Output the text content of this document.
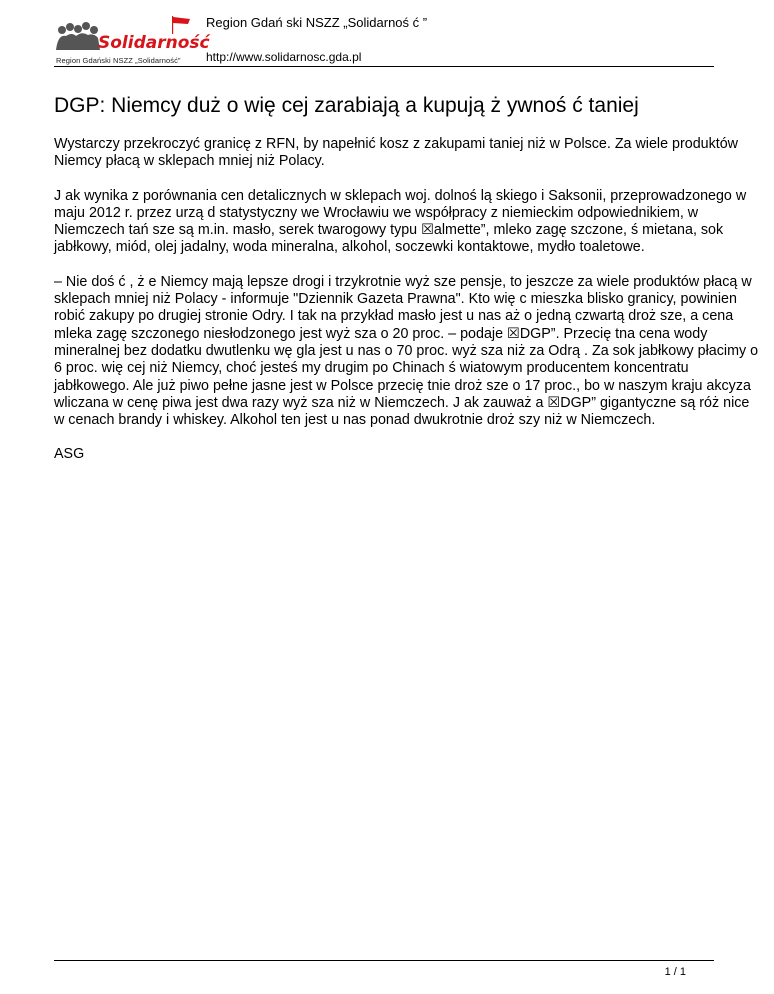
Solidarność
Region Gdański NSZZ „Solidarność”
Region Gdań ski NSZZ „Solidarnoś ć ”
http://www.solidarnosc.gda.pl
DGP: Niemcy duż o wię cej zarabiają a kupują ż ywnoś ć taniej

Wystarczy przekroczyć granicę z RFN, by napełnić kosz z zakupami taniej niż w Polsce. Za wiele produktów Niemcy płacą w sklepach mniej niż Polacy.

J ak wynika z porównania cen detalicznych w sklepach woj. dolnoś lą skiego i Saksonii, przeprowadzonego w maju 2012 r. przez urzą d statystyczny we Wrocławiu we współpracy z niemieckim odpowiednikiem, w Niemczech tań sze są m.in. masło, serek twarogowy typu ☒almette”, mleko zagę szczone, ś mietana, sok jabłkowy, miód, olej jadalny, woda mineralna, alkohol, soczewki kontaktowe, mydło toaletowe.

– Nie doś ć , ż e Niemcy mają lepsze drogi i trzykrotnie wyż sze pensje, to jeszcze za wiele produktów płacą w sklepach mniej niż Polacy - informuje "Dziennik Gazeta Prawna". Kto wię c mieszka blisko granicy, powinien robić zakupy po drugiej stronie Odry. I tak na przykład masło jest u nas aż o jedną czwartą droż sze, a cena mleka zagę szczonego niesłodzonego jest wyż sza o 20 proc. – podaje ☒DGP”. Przecię tna cena wody mineralnej bez dodatku dwutlenku wę gla jest u nas o 70 proc. wyż sza niż za Odrą . Za sok jabłkowy płacimy o 6 proc. wię cej niż Niemcy, choć jesteś my drugim po Chinach ś wiatowym producentem koncentratu jabłkowego. Ale już piwo pełne jasne jest w Polsce przecię tnie droż sze o 17 proc., bo w naszym kraju akcyza wliczana w cenę piwa jest dwa razy wyż sza niż w Niemczech. J ak zauważ a ☒DGP” gigantyczne są róż nice w cenach brandy i whiskey. Alkohol ten jest u nas ponad dwukrotnie droż szy niż w Niemczech.

ASG

1 / 1
